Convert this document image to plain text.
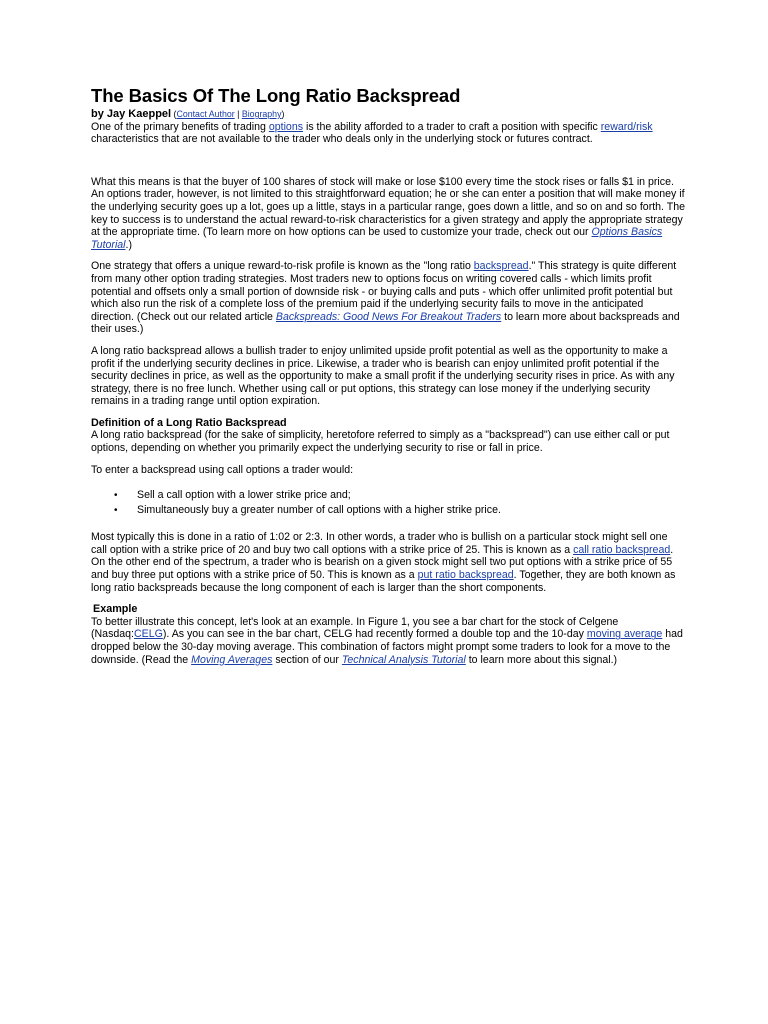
The Basics Of The Long Ratio Backspread
by Jay Kaeppel (Contact Author | Biography)

One of the primary benefits of trading options is the ability afforded to a trader to craft a position with specific reward/risk characteristics that are not available to the trader who deals only in the underlying stock or futures contract.

What this means is that the buyer of 100 shares of stock will make or lose $100 every time the stock rises or falls $1 in price. An options trader, however, is not limited to this straightforward equation; he or she can enter a position that will make money if the underlying security goes up a lot, goes up a little, stays in a particular range, goes down a little, and so on and so forth. The key to success is to understand the actual reward-to-risk characteristics for a given strategy and apply the appropriate strategy at the appropriate time. (To learn more on how options can be used to customize your trade, check out our Options Basics Tutorial.)

One strategy that offers a unique reward-to-risk profile is known as the "long ratio backspread." This strategy is quite different from many other option trading strategies. Most traders new to options focus on writing covered calls - which limits profit potential and offsets only a small portion of downside risk - or buying calls and puts - which offer unlimited profit potential but which also run the risk of a complete loss of the premium paid if the underlying security fails to move in the anticipated direction. (Check out our related article Backspreads: Good News For Breakout Traders to learn more about backspreads and their uses.)

A long ratio backspread allows a bullish trader to enjoy unlimited upside profit potential as well as the opportunity to make a profit if the underlying security declines in price. Likewise, a trader who is bearish can enjoy unlimited profit potential if the security declines in price, as well as the opportunity to make a small profit if the underlying security rises in price. As with any strategy, there is no free lunch. Whether using call or put options, this strategy can lose money if the underlying security remains in a trading range until option expiration.

Definition of a Long Ratio Backspread

A long ratio backspread (for the sake of simplicity, heretofore referred to simply as a "backspread") can use either call or put options, depending on whether you primarily expect the underlying security to rise or fall in price.

To enter a backspread using call options a trader would:

• Sell a call option with a lower strike price and;
• Simultaneously buy a greater number of call options with a higher strike price.

Most typically this is done in a ratio of 1:02 or 2:3. In other words, a trader who is bullish on a particular stock might sell one call option with a strike price of 20 and buy two call options with a strike price of 25. This is known as a call ratio backspread. On the other end of the spectrum, a trader who is bearish on a given stock might sell two put options with a strike price of 55 and buy three put options with a strike price of 50. This is known as a put ratio backspread. Together, they are both known as long ratio backspreads because the long component of each is larger than the short components.

Example

To better illustrate this concept, let's look at an example. In Figure 1, you see a bar chart for the stock of Celgene (Nasdaq:CELG). As you can see in the bar chart, CELG had recently formed a double top and the 10-day moving average had dropped below the 30-day moving average. This combination of factors might prompt some traders to look for a move to the downside. (Read the Moving Averages section of our Technical Analysis Tutorial to learn more about this signal.)
